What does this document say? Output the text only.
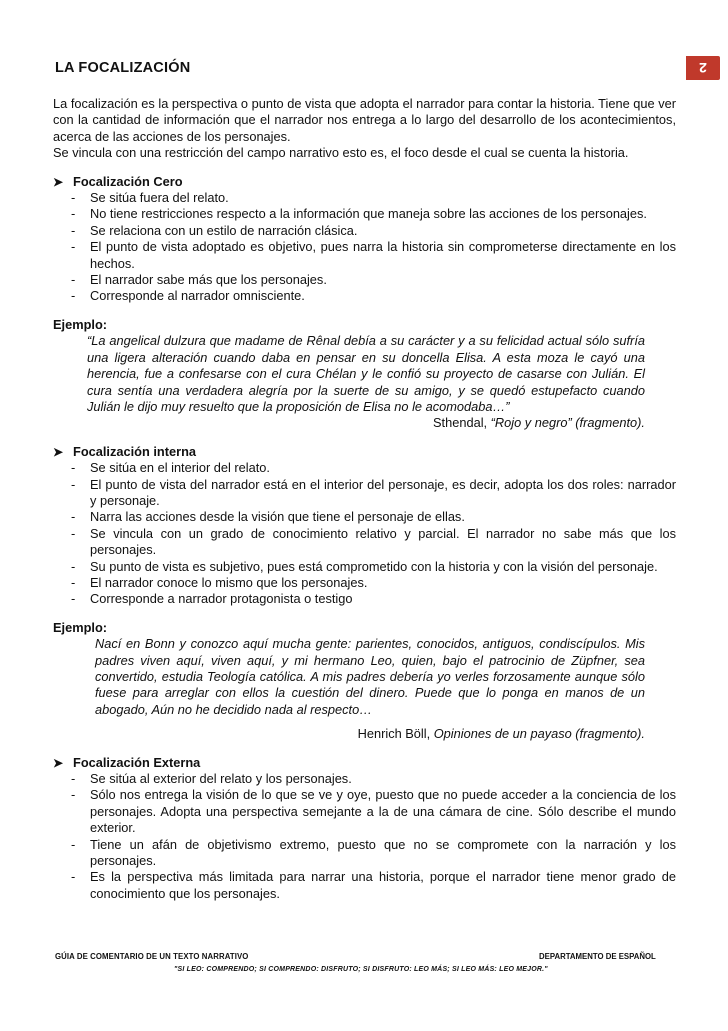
LA FOCALIZACIÓN	2

La focalización es la perspectiva o punto de vista que adopta el narrador para contar la historia. Tiene que ver con la cantidad de información que el narrador nos entrega a lo largo del desarrollo de los acontecimientos, acerca de las acciones de los personajes.

Se vincula con una restricción del campo narrativo esto es, el foco desde el cual se cuenta la historia.

➤ Focalización Cero
- Se sitúa fuera del relato.
- No tiene restricciones respecto a la información que maneja sobre las acciones de los personajes.
- Se relaciona con un estilo de narración clásica.
- El punto de vista adoptado es objetivo, pues narra la historia sin comprometerse directamente en los hechos.
- El narrador sabe más que los personajes.
- Corresponde al narrador omnisciente.
Ejemplo:

“La angelical dulzura que madame de Rênal debía a su carácter y a su felicidad actual sólo sufría una ligera alteración cuando daba en pensar en su doncella Elisa. A esta moza le cayó una herencia, fue a confesarse con el cura Chélan y le confió su proyecto de casarse con Julián. El cura sentía una verdadera alegría por la suerte de su amigo, y se quedó estupefacto cuando Julián le dijo muy resuelto que la proposición de Elisa no le acomodaba…”

Sthendal, “Rojo y negro” (fragmento).

➤ Focalización interna
- Se sitúa en el interior del relato.
- El punto de vista del narrador está en el interior del personaje, es decir, adopta los dos roles: narrador y personaje.
- Narra las acciones desde la visión que tiene el personaje de ellas.
- Se vincula con un grado de conocimiento relativo y parcial. El narrador no sabe más que los personajes.
- Su punto de vista es subjetivo, pues está comprometido con la historia y con la visión del personaje.
- El narrador conoce lo mismo que los personajes.
- Corresponde a narrador protagonista o testigo
Ejemplo:

Nací en Bonn y conozco aquí mucha gente: parientes, conocidos, antiguos, condiscípulos. Mis padres viven aquí, viven aquí, y mi hermano Leo, quien, bajo el patrocinio de Züpfner, sea convertido, estudia Teología católica. A mis padres debería yo verles forzosamente aunque sólo fuese para arreglar con ellos la cuestión del dinero. Puede que lo ponga en manos de un abogado, Aún no he decidido nada al respecto…

Henrich Böll, Opiniones de un payaso (fragmento).

➤ Focalización Externa
- Se sitúa al exterior del relato y los personajes.
- Sólo nos entrega la visión de lo que se ve y oye, puesto que no puede acceder a la conciencia de los personajes. Adopta una perspectiva semejante a la de una cámara de cine. Sólo describe el mundo exterior.
- Tiene un afán de objetivismo extremo, puesto que no se compromete con la narración y los personajes.
- Es la perspectiva más limitada para narrar una historia, porque el narrador tiene menor grado de conocimiento que los personajes.
GÚIA DE COMENTARIO DE UN TEXTO NARRATIVO	DEPARTAMENTO DE ESPAÑOL
"SI LEO: COMPRENDO; SI COMPRENDO: DISFRUTO; SI DISFRUTO: LEO MÁS; SI LEO MÁS: LEO MEJOR."
